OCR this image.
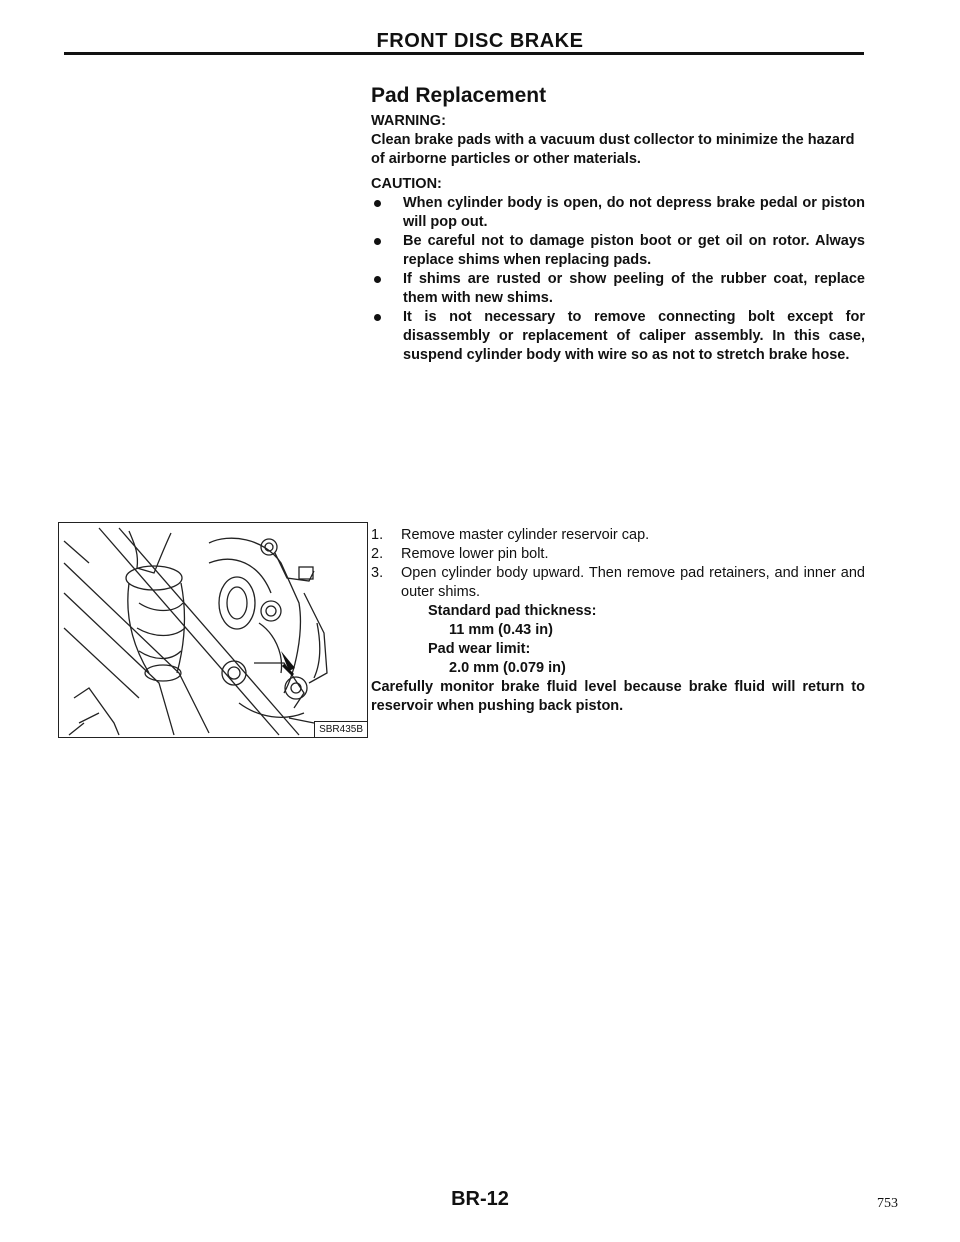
FRONT DISC BRAKE
Pad Replacement

WARNING:

Clean brake pads with a vacuum dust collector to minimize the hazard of airborne particles or other materials.

CAUTION:

When cylinder body is open, do not depress brake pedal or piston will pop out.
Be careful not to damage piston boot or get oil on rotor. Always replace shims when replacing pads.
If shims are rusted or show peeling of the rubber coat, replace them with new shims.
It is not necessary to remove connecting bolt except for disassembly or replacement of caliper assembly. In this case, suspend cylinder body with wire so as not to stretch brake hose.
SBR435B
1. Remove master cylinder reservoir cap.
2. Remove lower pin bolt.
3. Open cylinder body upward. Then remove pad retainers, and inner and outer shims.
Standard pad thickness:
11 mm (0.43 in)
Pad wear limit:
2.0 mm (0.079 in)
Carefully monitor brake fluid level because brake fluid will return to reservoir when pushing back piston.
BR-12	753
